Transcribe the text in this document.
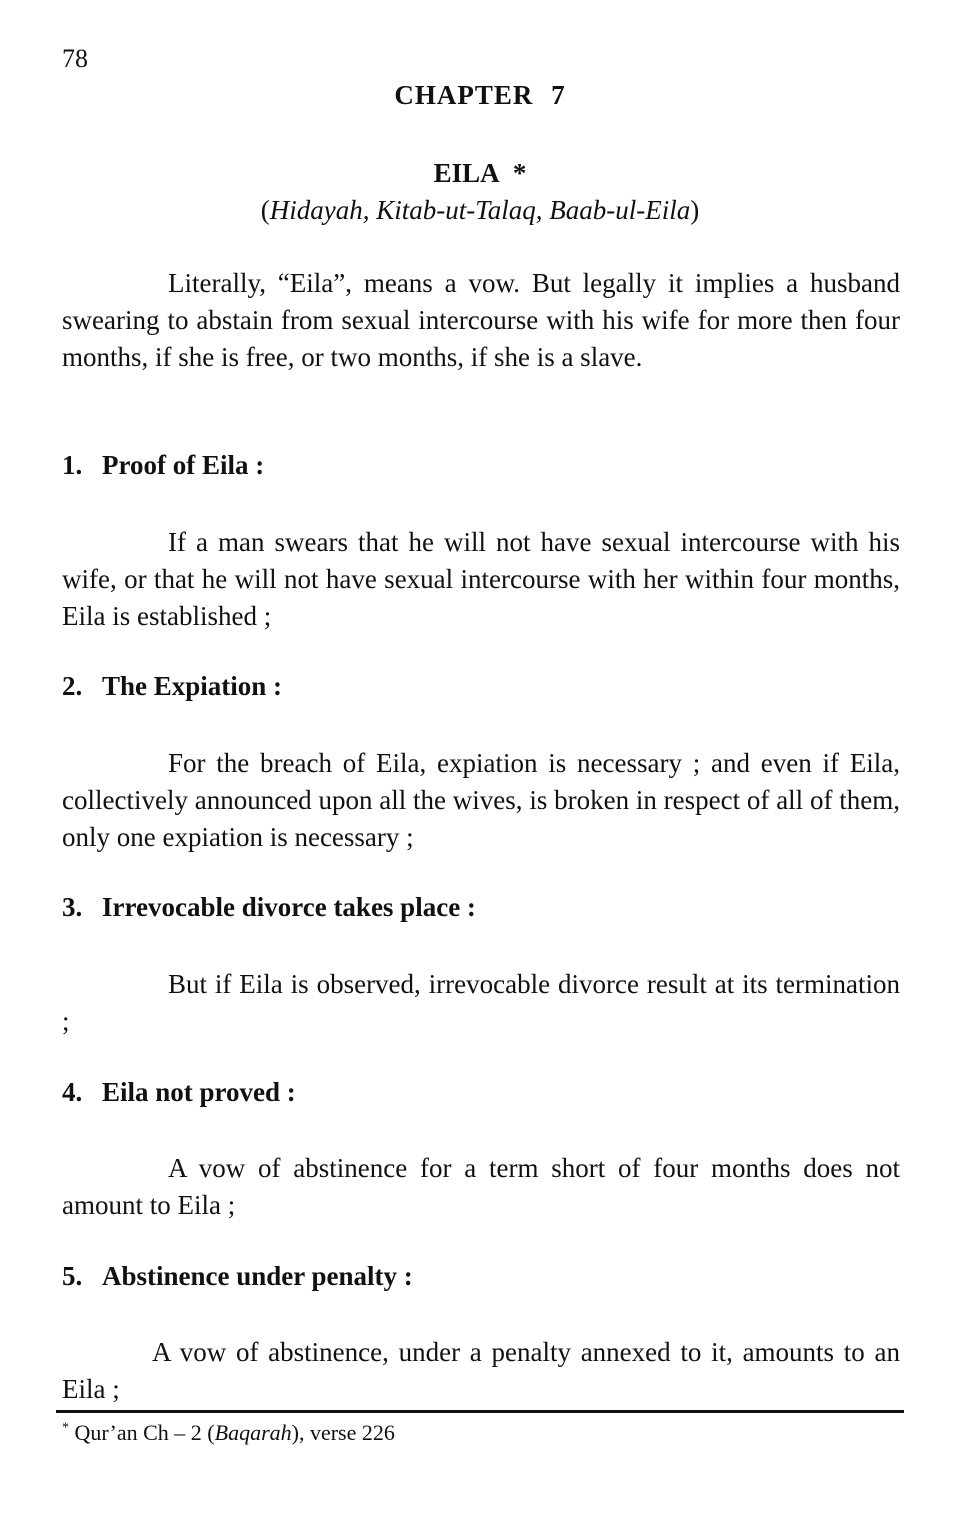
78
CHAPTER 7
EILA *
(Hidayah, Kitab-ut-Talaq, Baab-ul-Eila)

Literally, “Eila”, means a vow. But legally it implies a husband swearing to abstain from sexual intercourse with his wife for more then four months, if she is free, or two months, if she is a slave.

1. Proof of Eila :

If a man swears that he will not have sexual intercourse with his wife, or that he will not have sexual intercourse with her within four months, Eila is established ;

2. The Expiation :

For the breach of Eila, expiation is necessary ; and even if Eila, collectively announced upon all the wives, is broken in respect of all of them, only one expiation is necessary ;

3. Irrevocable divorce takes place :

But if Eila is observed, irrevocable divorce result at its termination ;

4. Eila not proved :

A vow of abstinence for a term short of four months does not amount to Eila ;

5. Abstinence under penalty :

A vow of abstinence, under a penalty annexed to it, amounts to an Eila ;

* Qur’an Ch – 2 (Baqarah), verse 226
